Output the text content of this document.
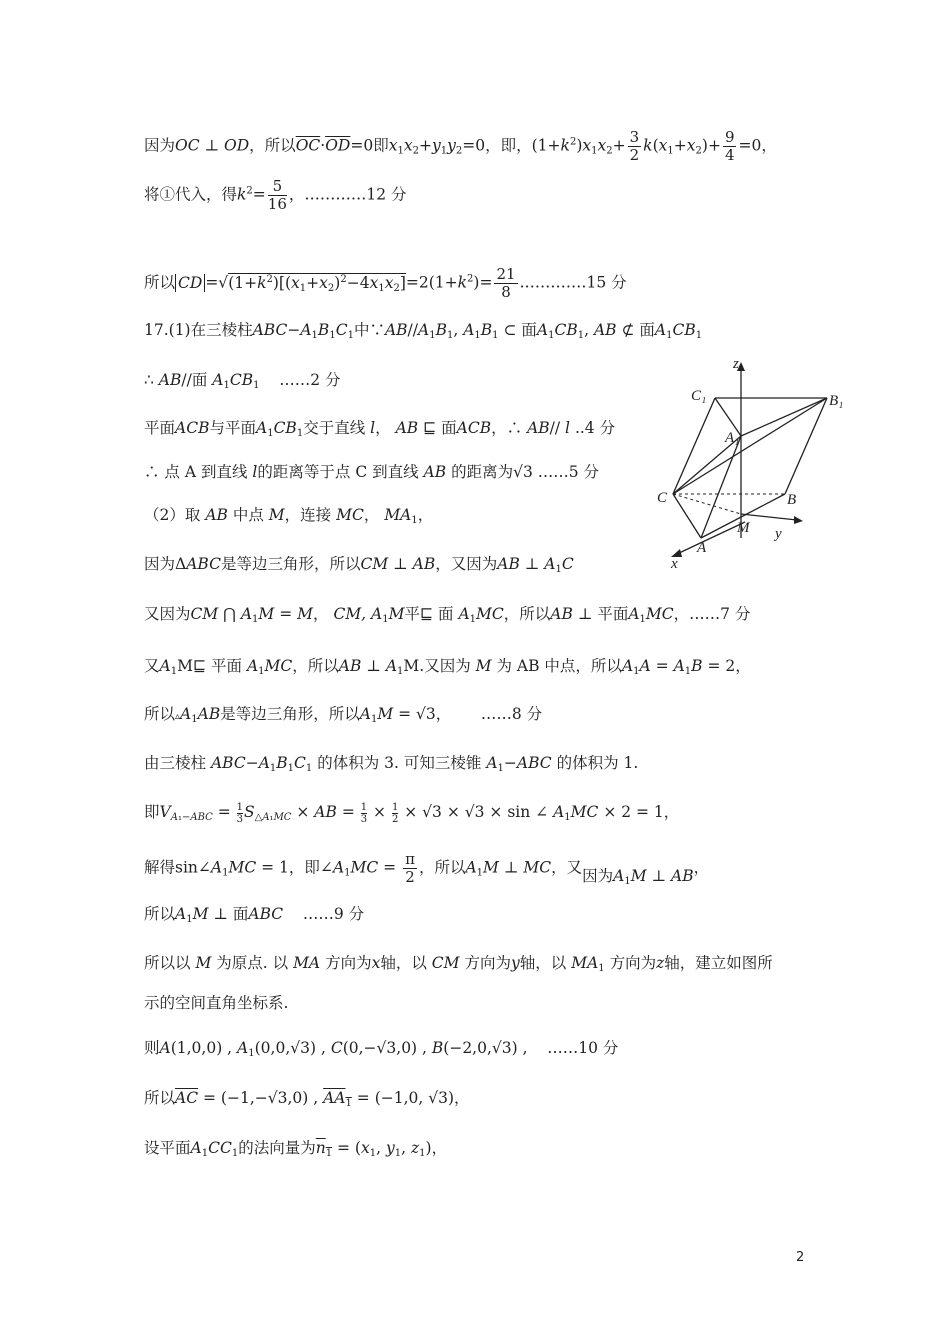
因为OC ⊥ OD，所以$\overline{OC}\cdot\overline{OD}=0$即$x_1x_2+y_1y_2=0$，即，$(1+k^2)x_1x_2+ \frac{3}{2} k(x_1+x_2)+ \frac{9}{4} =0$，
将①代入，得$k^2= \frac{5}{16}$ ，…………12 分
所以 CD $=√(1+k^2)[(x_1+x_2)^2-4x_1x_2]=2(1+k^2)= \frac{21}{8}$ .…………15 分
17.(1)在三棱柱$ABC-A_1B_1C_1$中$\because AB//A_1B_1$, $A_1B_1$ ⊂ 面$A_1CB_1$, AB ⊄ 面$A_1CB_1$
∴ AB//面 $A_1CB_1$ ……2 分
平面ACB与平面$A_1CB_1$交于直线 l， AB ⊑ 面ACB，∴ AB// l ..4 分
∴ 点 A 到直线 l的距离等于点 C 到直线 AB 的距离为√3 ……5 分
（2）取 AB 中点 M，连接 MC， $MA_1$，
因为ΔABC是等边三角形，所以CM ⊥ AB，又因为AB ⊥ $A_1C$
又因为CM ⋂ $A_1M = M$， CM, $A_1M$平⊑ 面 $A_1MC$，所以AB ⊥ 平面$A_1MC$，……7 分
又$A_1M⊑$ 平面 $A_1MC$，所以AB ⊥ $A_1M$.又因为 M 为 AB 中点，所以$A_1A = A_1B = 2$，
所以$▵A_1AB$是等边三角形，所以$A_1M = √3$， ……8 分
由三棱柱 $ABC-A_1B_1C_1$ 的体积为 3. 可知三棱锥 $A_1-ABC$ 的体积为 1.
即$V_{A_1-ABC} = \frac{1}{3} S_{\triangle A_1MC}$ × AB = $\frac{1}{3} \times \frac{1}{2} \times √3 \times √3 \times \sin$ ∠ $A_1MC \times 2 = 1$，
解得$\sin\angle A_1MC = 1$，即$\angle A_1MC = \frac{\pi}{2}$ ，所以$A_1M$ ⊥ MC，又因为$A_1M$ ⊥ AB，
所以$A_1M$ ⊥ 面ABC ……9 分
所以以 M 为原点. 以 MA 方向为x轴，以 CM 方向为y轴，以 $MA_1$ 方向为z轴，建立如图所
示的空间直角坐标系.
则A(1,0,0) , $A_1(0,0,√3)$ , C(0,−√3,0) , B(−2,0,√3) ,    ……10 分
所以$\overline{AC} = (-1,-√3,0)$ , $AA_1 = (-1,0$, √3)，
设平面$A_1CC_1$的法向量为$n_1 = (x_1$, $y_1$, $z_1$)，
C₁	B₁
A₁
C	B
M
A
x
y
z
2
